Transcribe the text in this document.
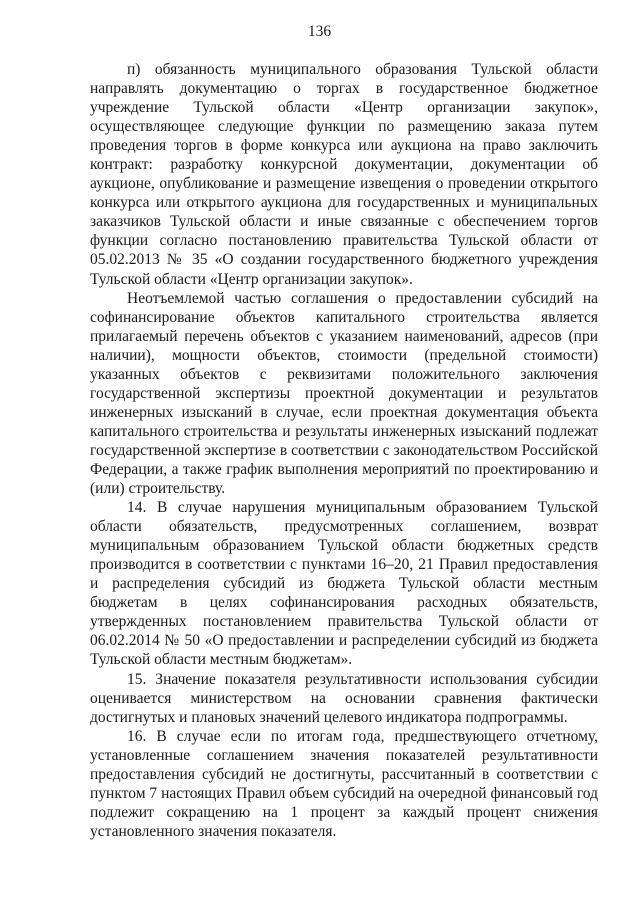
136

п) обязанность муниципального образования Тульской области направлять документацию о торгах в государственное бюджетное учреждение Тульской области «Центр организации закупок», осуществляющее следующие функции по размещению заказа путем проведения торгов в форме конкурса или аукциона на право заключить контракт: разработку конкурсной документации, документации об аукционе, опубликование и размещение извещения о проведении открытого конкурса или открытого аукциона для государственных и муниципальных заказчиков Тульской области и иные связанные с обеспечением торгов функции согласно постановлению правительства Тульской области от 05.02.2013 № 35 «О создании государственного бюджетного учреждения Тульской области «Центр организации закупок».

Неотъемлемой частью соглашения о предоставлении субсидий на софинансирование объектов капитального строительства является прилагаемый перечень объектов с указанием наименований, адресов (при наличии), мощности объектов, стоимости (предельной стоимости) указанных объектов с реквизитами положительного заключения государственной экспертизы проектной документации и результатов инженерных изысканий в случае, если проектная документация объекта капитального строительства и результаты инженерных изысканий подлежат государственной экспертизе в соответствии с законодательством Российской Федерации, а также график выполнения мероприятий по проектированию и (или) строительству.

14. В случае нарушения муниципальным образованием Тульской области обязательств, предусмотренных соглашением, возврат муниципальным образованием Тульской области бюджетных средств производится в соответствии с пунктами 16–20, 21 Правил предоставления и распределения субсидий из бюджета Тульской области местным бюджетам в целях софинансирования расходных обязательств, утвержденных постановлением правительства Тульской области от 06.02.2014 № 50 «О предоставлении и распределении субсидий из бюджета Тульской области местным бюджетам».

15. Значение показателя результативности использования субсидии оценивается министерством на основании сравнения фактически достигнутых и плановых значений целевого индикатора подпрограммы.

16. В случае если по итогам года, предшествующего отчетному, установленные соглашением значения показателей результативности предоставления субсидий не достигнуты, рассчитанный в соответствии с пунктом 7 настоящих Правил объем субсидий на очередной финансовый год подлежит сокращению на 1 процент за каждый процент снижения установленного значения показателя.
